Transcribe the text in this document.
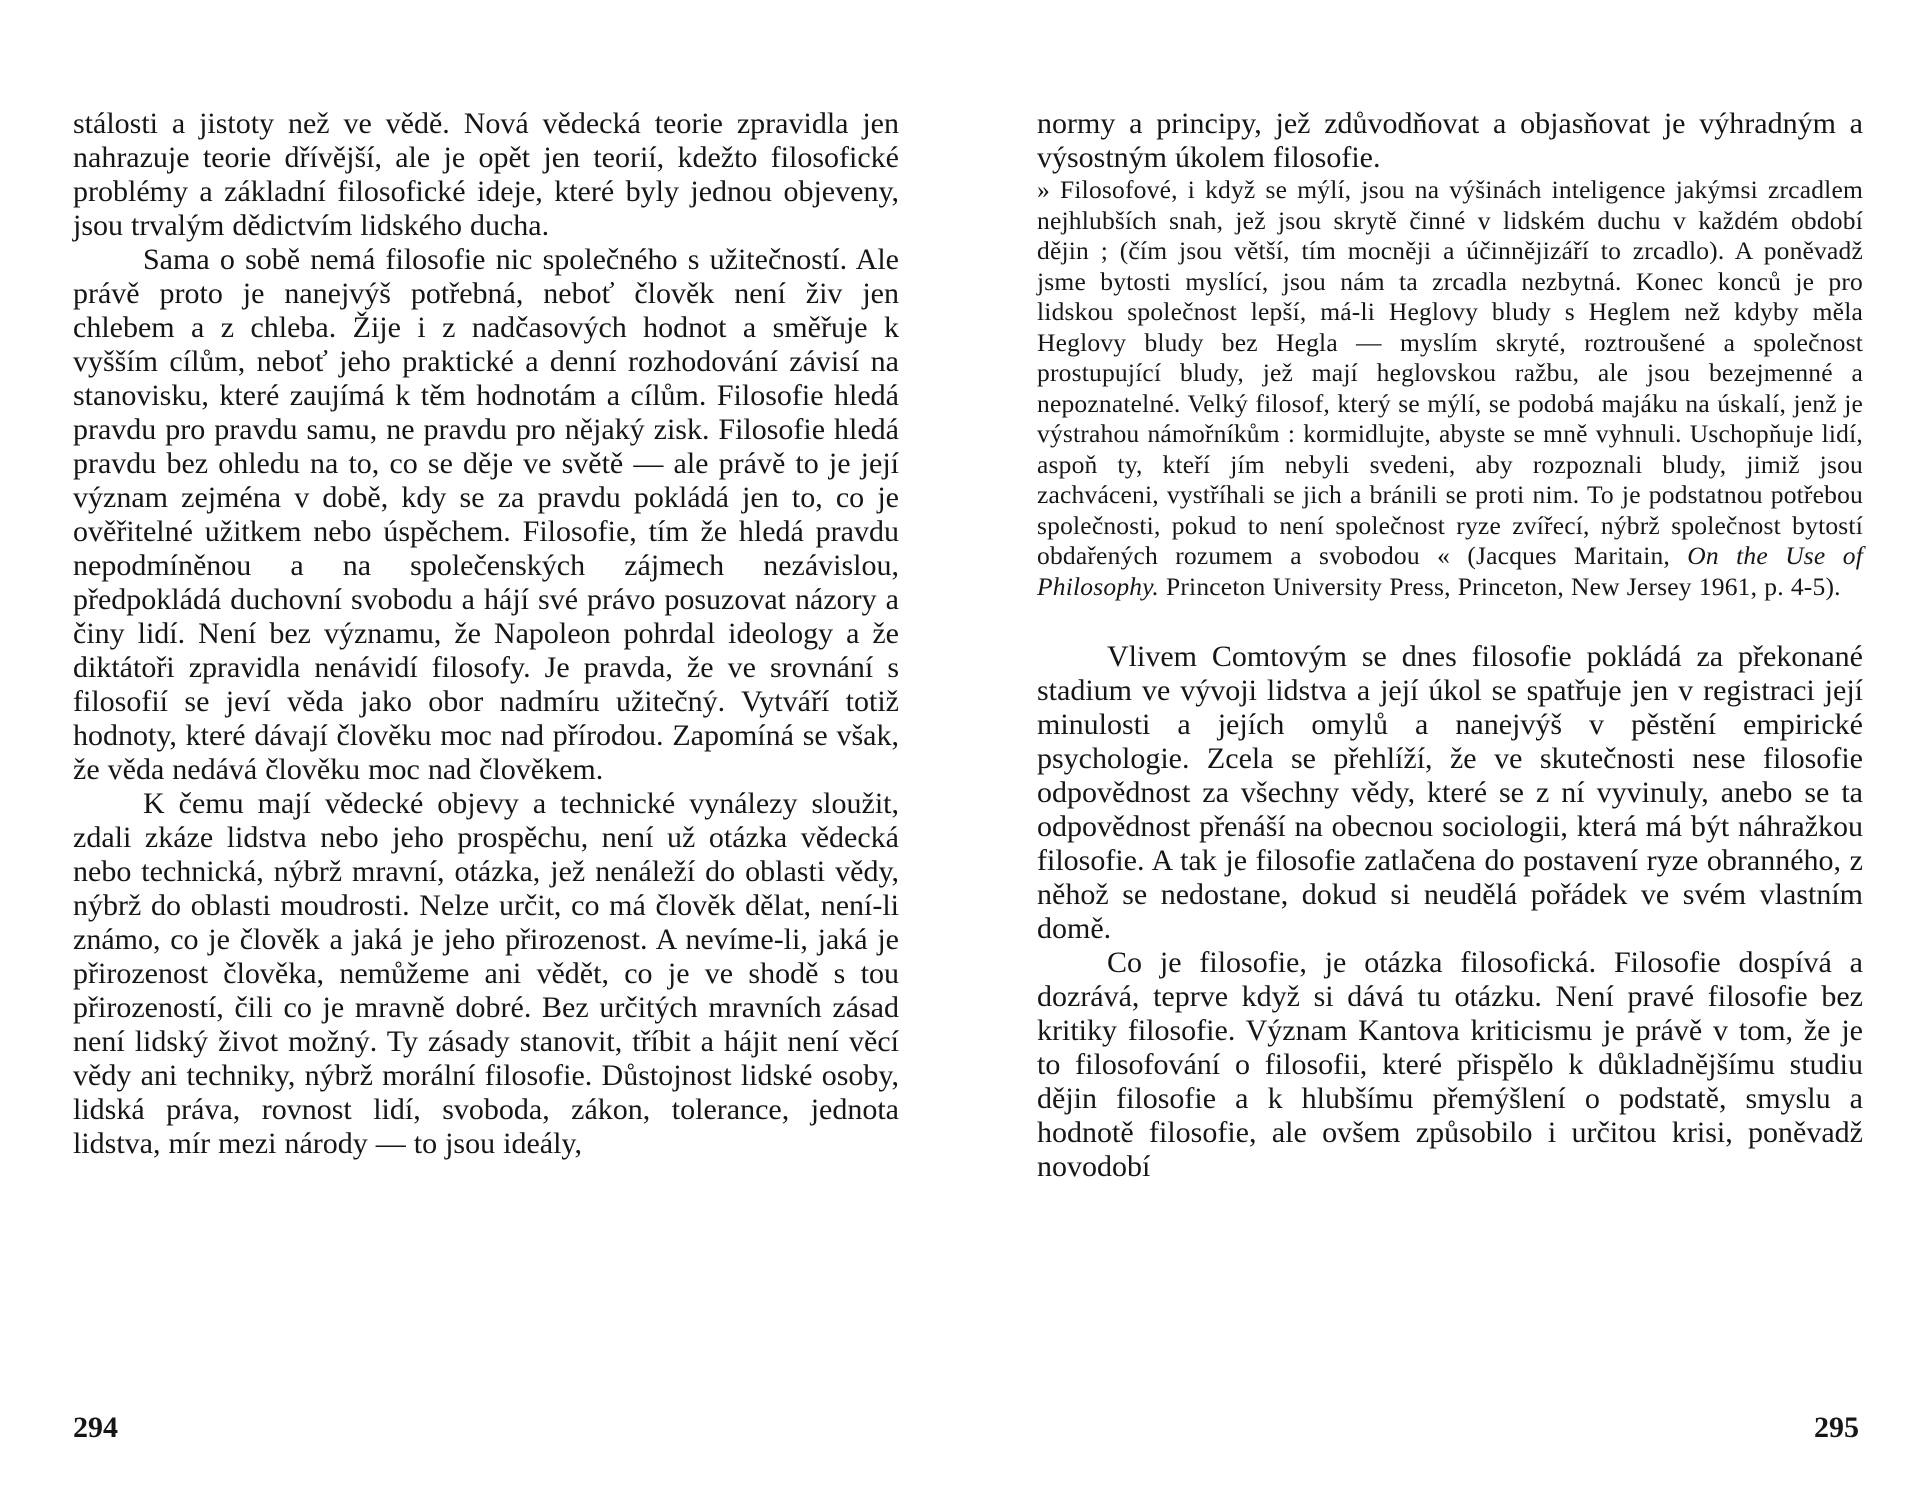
stálosti a jistoty než ve vědě. Nová vědecká teorie zpravidla jen nahrazuje teorie dřívější, ale je opět jen teorií, kdežto filosofické problémy a základní filosofické ideje, které byly jednou objeveny, jsou trvalým dědictvím lidského ducha.

Sama o sobě nemá filosofie nic společného s užitečností. Ale právě proto je nanejvýš potřebná, neboť člověk není živ jen chlebem a z chleba. Žije i z nadčasových hodnot a směřuje k vyšším cílům, neboť jeho praktické a denní rozhodování závisí na stanovisku, které zaujímá k těm hodnotám a cílům. Filosofie hledá pravdu pro pravdu samu, ne pravdu pro nějaký zisk. Filosofie hledá pravdu bez ohledu na to, co se děje ve světě — ale právě to je její význam zejména v době, kdy se za pravdu pokládá jen to, co je ověřitelné užitkem nebo úspěchem. Filosofie, tím že hledá pravdu nepodmíněnou a na společenských zájmech nezávislou, předpokládá duchovní svobodu a hájí své právo posuzovat názory a činy lidí. Není bez významu, že Napoleon pohrdal ideology a že diktátoři zpravidla nenávidí filosofy. Je pravda, že ve srovnání s filosofií se jeví věda jako obor nadmíru užitečný. Vytváří totiž hodnoty, které dávají člověku moc nad přírodou. Zapomíná se však, že věda nedává člověku moc nad člověkem.

K čemu mají vědecké objevy a technické vynálezy sloužit, zdali zkáze lidstva nebo jeho prospěchu, není už otázka vědecká nebo technická, nýbrž mravní, otázka, jež nenáleží do oblasti vědy, nýbrž do oblasti moudrosti. Nelze určit, co má člověk dělat, není-li známo, co je člověk a jaká je jeho přirozenost. A nevíme-li, jaká je přirozenost člověka, nemůžeme ani vědět, co je ve shodě s tou přirozeností, čili co je mravně dobré. Bez určitých mravních zásad není lidský život možný. Ty zásady stanovit, tříbit a hájit není věcí vědy ani techniky, nýbrž morální filosofie. Důstojnost lidské osoby, lidská práva, rovnost lidí, svoboda, zákon, tolerance, jednota lidstva, mír mezi národy — to jsou ideály,

294

normy a principy, jež zdůvodňovat a objasňovat je výhradným a výsostným úkolem filosofie.

» Filosofové, i když se mýlí, jsou na výšinách inteligence jakýmsi zrcadlem nejhlubších snah, jež jsou skrytě činné v lidském duchu v každém období dějin ; (čím jsou větší, tím mocněji a účinnějizáří to zrcadlo). A poněvadž jsme bytosti myslící, jsou nám ta zrcadla nezbytná. Konec konců je pro lidskou společnost lepší, má-li Heglovy bludy s Heglem než kdyby měla Heglovy bludy bez Hegla — myslím skryté, roztroušené a společnost prostupující bludy, jež mají heglovskou ražbu, ale jsou bezejmenné a nepoznatelné. Velký filosof, který se mýlí, se podobá majáku na úskalí, jenž je výstrahou námořníkům : kormidlujte, abyste se mně vyhnuli. Uschopňuje lidí, aspoň ty, kteří jím nebyli svedeni, aby rozpoznali bludy, jimiž jsou zachváceni, vystříhali se jich a bránili se proti nim. To je podstatnou potřebou společnosti, pokud to není společnost ryze zvířecí, nýbrž společnost bytostí obdařených rozumem a svobodou « (Jacques Maritain, On the Use of Philosophy. Princeton University Press, Princeton, New Jersey 1961, p. 4-5).

Vlivem Comtovým se dnes filosofie pokládá za překonané stadium ve vývoji lidstva a její úkol se spatřuje jen v registraci její minulosti a jejích omylů a nanejvýš v pěstění empirické psychologie. Zcela se přehlíží, že ve skutečnosti nese filosofie odpovědnost za všechny vědy, které se z ní vyvinuly, anebo se ta odpovědnost přenáší na obecnou sociologii, která má být náhražkou filosofie. A tak je filosofie zatlačena do postavení ryze obranného, z něhož se nedostane, dokud si neudělá pořádek ve svém vlastním domě.

Co je filosofie, je otázka filosofická. Filosofie dospívá a dozrává, teprve když si dává tu otázku. Není pravé filosofie bez kritiky filosofie. Význam Kantova kriticismu je právě v tom, že je to filosofování o filosofii, které přispělo k důkladnějšímu studiu dějin filosofie a k hlubšímu přemýšlení o podstatě, smyslu a hodnotě filosofie, ale ovšem způsobilo i určitou krisi, poněvadž novodobí

295
